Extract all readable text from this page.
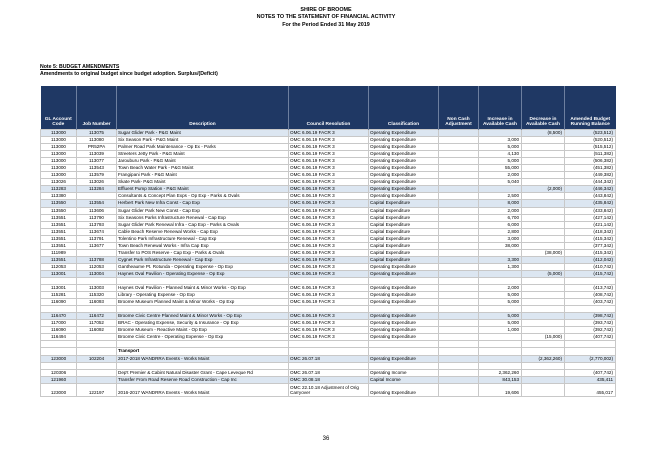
SHIRE OF BROOME
NOTES TO THE STATEMENT OF FINANCIAL ACTIVITY
For the Period Ended 31 May 2019
Note 5: BUDGET AMENDMENTS
Amendments to original budget since budget adoption. Surplus/(Deficit)
GL Account Code	Job Number	Description	Council Resolution	Classification	Non Cash Adjustment	Increase in Available Cash	Decrease in Available Cash	Amended Budget Running Balance
113000	113075	Sugar Glider Park - P&G Maint	OMC 6.06.19 FACR 3	Operating Expenditure			(8,500)	(523,512)
113000	113080	Six Season Park - P&G Maint	OMC 6.06.19 FACR 3	Operating Expenditure		3,000		(520,512)
113000	PR52PA	Palmer Road Park Maintenance - Op Ex - Parks	OMC 6.06.19 FACR 3	Operating Expenditure		5,000		(515,512)
113000	113039	Streeters Jetty Park - P&G Maint	OMC 6.06.19 FACR 3	Operating Expenditure		4,130		(511,382)
113000	113077	Jarouburu Park - P&G Maint	OMC 6.06.19 FACR 3	Operating Expenditure		5,000		(506,382)
113000	113543	Town Beach Water Park - P&G Maint	OMC 6.06.19 FACR 3	Operating Expenditure		55,000		(451,382)
113000	113579	Frangipani Park - P&G Maint	OMC 6.06.19 FACR 3	Operating Expenditure		2,000		(449,382)
113026	113026	Skate Park- P&G Maint	OMC 6.06.19 FACR 3	Operating Expenditure		5,040		(444,342)
113283	113284	Effluent Pump Station - P&G Maint	OMC 6.06.19 FACR 3	Operating Expenditure			(2,000)	(446,342)
113380		Consultants & Concept Plan Exps - Op Exp - Parks & Ovals	OMC 6.06.19 FACR 3	Operating Expenditure		2,500		(443,842)
113550	113554	Herbert Park New Infra Const - Cap Exp	OMC 6.06.19 FACR 3	Capital Expenditure		8,000		(435,842)
113550	113606	Sugar Glider Park New Const - Cap Exp	OMC 6.06.19 FACR 3	Capital Expenditure		2,000		(433,842)
113551	113790	Six Seasons Parks Infrastructure Renewal - Cap Exp	OMC 6.06.19 FACR 3	Capital Expenditure		6,700		(427,142)
113551	113793	Sugar Glider Park Renewal Infra - Cap Exp - Parks & Ovals	OMC 6.06.19 FACR 3	Capital Expenditure		6,000		(421,142)
113551	113674	Cable Beach Reserve Renewal Works - Cap Exp	OMC 6.06.19 FACR 3	Capital Expenditure		2,800		(418,342)
113551	113791	Tolentino Park Infrastructure Renewal - Cap Exp	OMC 6.06.19 FACR 3	Capital Expenditure		3,000		(415,342)
113551	113677	Town Beach Renewal Works - Infra Cap Exp	OMC 6.06.19 FACR 3	Capital Expenditure		38,000		(377,342)
111989		Transfer to POS Reserve - Cap Exp - Parks & Ovals	OMC 6.06.19 FACR 3	Capital Expenditure			(38,000)	(415,342)
113551	113788	Cygnet Park Infrastructure Renewal - Cap Exp	OMC 6.06.19 FACR 3	Capital Expenditure		3,300		(412,042)
112053	112053	Gantheaume Pt. Rotunda - Operating Expense - Op Exp	OMC 6.06.19 FACR 3	Operating Expenditure		1,300		(410,742)
113001	113004	Haynes Oval Pavilion - Operating Expense - Op Exp	OMC 6.06.19 FACR 3	Operating Expenditure			(5,000)	(415,742)

113001	113003	Haynes Oval Pavilion - Planned Maint & Minor Works - Op Exp	OMC 6.06.19 FACR 3	Operating Expenditure		2,000		(413,742)
115281	115320	Library - Operating Expense - Op Exp	OMC 6.06.19 FACR 3	Operating Expenditure		5,000		(408,742)
116090	116093	Broome Museum Planned Maint & Minor Works - Op Exp	OMC 6.06.19 FACR 3	Operating Expenditure		5,000		(403,742)

116470	116472	Broome Civic Centre Planned Maint & Minor Works - Op Exp	OMC 6.06.19 FACR 3	Operating Expenditure		5,000		(398,742)
117000	117052	BRAC - Operating Expense, Security & Insurance - Op Exp	OMC 6.06.19 FACR 3	Operating Expenditure		5,000		(393,742)
116090	116092	Broome Museum - Reactive Maint - Op Exp	OMC 6.06.19 FACR 3	Operating Expenditure		1,000		(392,742)
116494		Broome Civic Centre - Operating Expense - Op Exp	OMC 6.06.19 FACR 3	Operating Expenditure			(15,000)	(407,742)

		Transport						
123000	102204	2017-2018 WANDRRA Events - Works Maint	OMC 26.07.18	Operating Expenditure			(2,362,260)	(2,770,002)

120306		Dep't Premier & Cabint Natural Disaster Grant - Cape Leveque Rd	OMC 26.07.18	Operating Income		2,362,260		(407,742)
121960		Transfer From Road Reserve Road Construction - Cap Inc	OMC 30.08.18	Capital Income		843,153		435,411
123000	122197	2016-2017 WANDRRA Events - Works Maint	OMC 22.10.18 Adjustment of Orig Carryover	Operating Expenditure		19,606		455,017
36
